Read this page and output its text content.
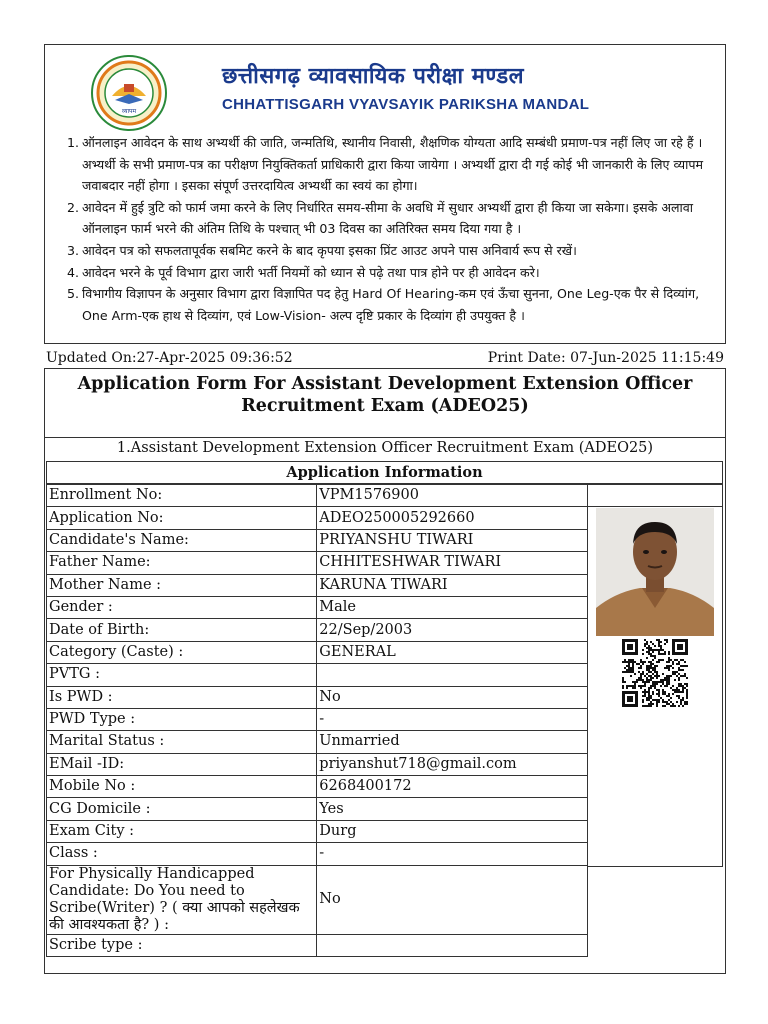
व्यापम
छत्तीसगढ़ व्यावसायिक परीक्षा मण्डल
CHHATTISGARH VYAVSAYIK PARIKSHA MANDAL
1. ऑनलाइन आवेदन के साथ अभ्यर्थी की जाति, जन्मतिथि, स्थानीय निवासी, शैक्षणिक योग्यता आदि सम्बंधी प्रमाण-पत्र नहीं लिए जा रहे हैं । अभ्यर्थी के सभी प्रमाण-पत्र का परीक्षण नियुक्तिकर्ता प्राधिकारी द्वारा किया जायेगा । अभ्यर्थी द्वारा दी गई कोई भी जानकारी के लिए व्यापम जवाबदार नहीं होगा । इसका संपूर्ण उत्तरदायित्व अभ्यर्थी का स्वयं का होगा।
2. आवेदन में हुई त्रुटि को फार्म जमा करने के लिए निर्धारित समय-सीमा के अवधि में सुधार अभ्यर्थी द्वारा ही किया जा सकेगा। इसके अलावा ऑनलाइन फार्म भरने की अंतिम तिथि के पश्चात् भी 03 दिवस का अतिरिक्त समय दिया गया है ।
3. आवेदन पत्र को सफलतापूर्वक सबमिट करने के बाद कृपया इसका प्रिंट आउट अपने पास अनिवार्य रूप से रखें।
4. आवेदन भरने के पूर्व विभाग द्वारा जारी भर्ती नियमों को ध्यान से पढ़े तथा पात्र होने पर ही आवेदन करे।
5. विभागीय विज्ञापन के अनुसार विभाग द्वारा विज्ञापित पद हेतु Hard Of Hearing-कम एवं ऊँचा सुनना, One Leg-एक पैर से दिव्यांग, One Arm-एक हाथ से दिव्यांग, एवं Low-Vision- अल्प दृष्टि प्रकार के दिव्यांग ही उपयुक्त है ।
Updated On:27-Apr-2025 09:36:52	Print Date: 07-Jun-2025 11:15:49
Application Form For Assistant Development Extension Officer Recruitment Exam (ADEO25)
1.Assistant Development Extension Officer Recruitment Exam (ADEO25)
Application Information
Enrollment No:	VPM1576900
Application No:	ADEO250005292660
Candidate's Name:	PRIYANSHU TIWARI
Father Name:	CHHITESHWAR TIWARI
Mother Name :	KARUNA TIWARI
Gender :	Male
Date of Birth:	22/Sep/2003
Category (Caste) :	GENERAL
PVTG :	
Is PWD :	No
PWD Type :	-
Marital Status :	Unmarried
EMail -ID:	priyanshut718@gmail.com
Mobile No :	6268400172
CG Domicile :	Yes
Exam City :	Durg
Class :	-
For Physically Handicapped Candidate: Do You need to Scribe(Writer) ? ( क्या आपको सहलेखक की आवश्यकता है? ) :	No
Scribe type :	
